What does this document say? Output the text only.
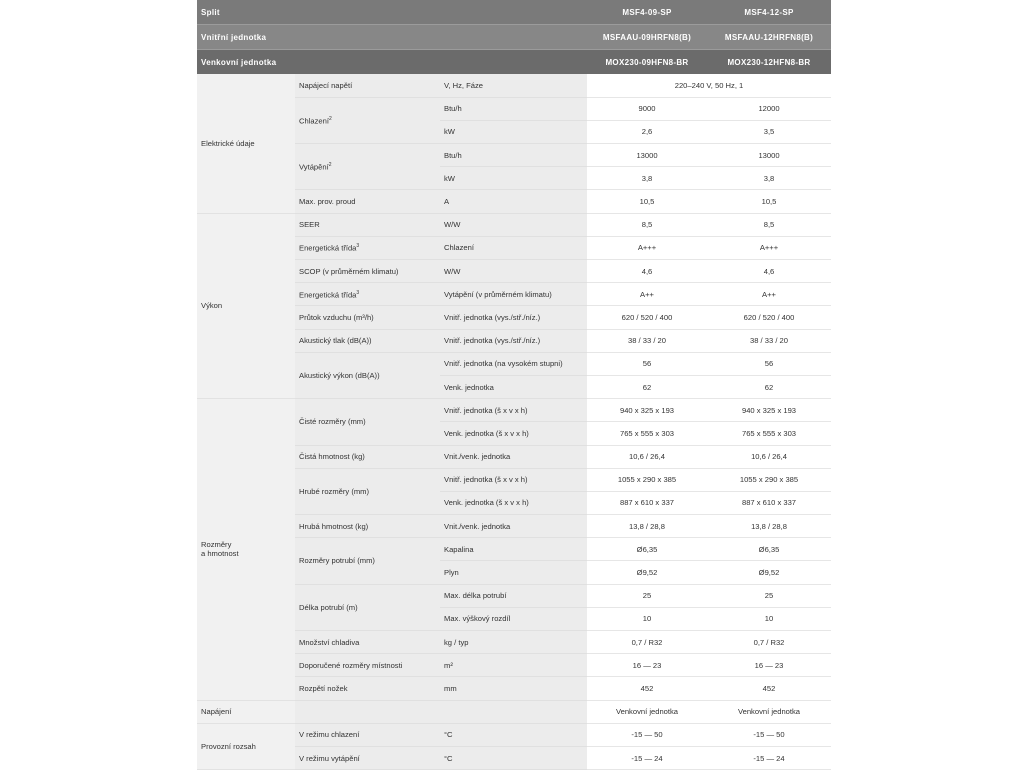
Split	MSF4-09-SP	MSF4-12-SP
Vnitřní jednotka	MSFAAU-09HRFN8(B)	MSFAAU-12HRFN8(B)
Venkovní jednotka	MOX230-09HFN8-BR	MOX230-12HFN8-BR
Elektrické údaje	Napájecí napětí	V, Hz, Fáze	220–240 V, 50 Hz, 1	
	Chlazení$^2$	Btu/h	9000	12000
		kW	2,6	3,5
	Vytápění$^2$	Btu/h	13000	13000
		kW	3,8	3,8
	Max. prov. proud	A	10,5	10,5
Výkon	SEER	W/W	8,5	8,5
	Energetická třída$^3$	Chlazení	A+++	A+++
	SCOP (v průměrném klimatu)	W/W	4,6	4,6
	Energetická třída$^3$	Vytápění (v průměrném klimatu)	A++	A++
	Průtok vzduchu (m³/h)	Vnitř. jednotka (vys./stř./níz.)	620 / 520 / 400	620 / 520 / 400
	Akustický tlak (dB(A))	Vnitř. jednotka (vys./stř./níz.)	38 / 33 / 20	38 / 33 / 20
	Akustický výkon (dB(A))	Vnitř. jednotka (na vysokém stupni)	56	56
		Venk. jednotka	62	62
Rozměry
a hmotnost	Čisté rozměry (mm)	Vnitř. jednotka (š x v x h)	940 x 325 x 193	940 x 325 x 193
		Venk. jednotka (š x v x h)	765 x 555 x 303	765 x 555 x 303
	Čistá hmotnost (kg)	Vnit./venk. jednotka	10,6 / 26,4	10,6 / 26,4
	Hrubé rozměry (mm)	Vnitř. jednotka (š x v x h)	1055 x 290 x 385	1055 x 290 x 385
		Venk. jednotka (š x v x h)	887 x 610 x 337	887 x 610 x 337
	Hrubá hmotnost (kg)	Vnit./venk. jednotka	13,8 / 28,8	13,8 / 28,8
	Rozměry potrubí (mm)	Kapalina	Ø6,35	Ø6,35
		Plyn	Ø9,52	Ø9,52
	Délka potrubí (m)	Max. délka potrubí	25	25
		Max. výškový rozdíl	10	10
	Množství chladiva	kg / typ	0,7 / R32	0,7 / R32
	Doporučené rozměry místnosti	m²	16 — 23	16 — 23
	Rozpětí nožek	mm	452	452
Napájení			Venkovní jednotka	Venkovní jednotka
Provozní rozsah	V režimu chlazení	°C	-15 — 50	-15 — 50
	V režimu vytápění	°C	-15 — 24	-15 — 24
